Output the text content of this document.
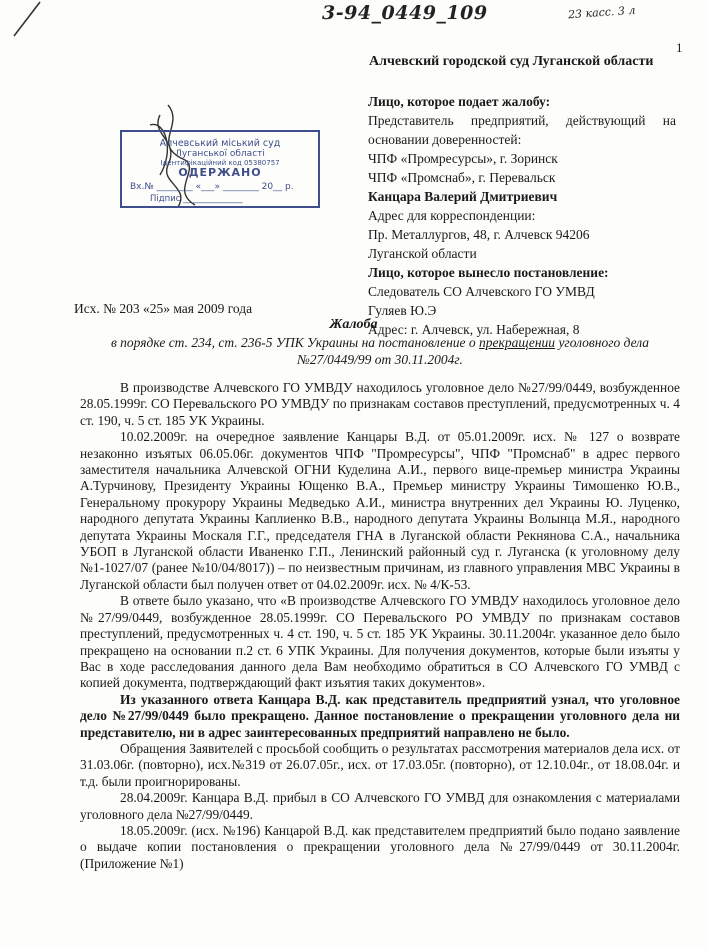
3-94_0449_109	23 касс. 3 л
1
Алчевский городской суд Луганской области
Лицо, которое подает жалобу:
Представитель предприятий, действующий на
основании доверенностей:
ЧПФ «Промресурсы», г. Зоринск
ЧПФ «Промснаб», г. Перевальск
Канцара Валерий Дмитриевич
Адрес для корреспонденции:
Пр. Металлургов, 48, г. Алчевск 94206
Луганской области
Лицо, которое вынесло постановление:
Следователь СО Алчевского ГО УМВД
Гуляев Ю.Э
Адрес: г. Алчевск, ул. Набережная, 8
Алчевський міський суд
Луганської області
Ідентифікаційний код 05380757
ОДЕРЖАНО
Вх.№ ________ «___» ________ 20__ р.
Підпис ______________
Исх. № 203 «25» мая 2009 года
Жалоба
в порядке ст. 234, ст. 236-5 УПК Украины на постановление о прекращении уголовного дела №27/0449/99 от 30.11.2004г.

В производстве Алчевского ГО УМВДУ находилось уголовное дело №27/99/0449, возбужденное 28.05.1999г. СО Перевальского РО УМВДУ по признакам составов преступлений, предусмотренных ч. 4 ст. 190, ч. 5 ст. 185 УК Украины.

10.02.2009г. на очередное заявление Канцары В.Д. от 05.01.2009г. исх. № 127 о возврате незаконно изъятых 06.05.06г. документов ЧПФ "Промресурсы", ЧПФ "Промснаб" в адрес первого заместителя начальника Алчевской ОГНИ Куделина А.И., первого вице-премьер министра Украины А.Турчинову, Президенту Украины Ющенко В.А., Премьер министру Украины Тимошенко Ю.В., Генеральному прокурору Украины Медведько А.И., министра внутренних дел Украины Ю. Луценко, народного депутата Украины Каплиенко В.В., народного депутата Украины Волынца М.Я., народного депутата Украины Москаля Г.Г., председателя ГНА в Луганской области Рекнянова С.А., начальника УБОП в Луганской области Иваненко Г.П., Ленинский районный суд г. Луганска (к уголовному делу №1-1027/07 (ранее №10/04/8017)) – по неизвестным причинам, из главного управления МВС Украины в Луганской области был получен ответ от 04.02.2009г. исх. № 4/К-53.

В ответе было указано, что «В производстве Алчевского ГО УМВДУ находилось уголовное дело №27/99/0449, возбужденное 28.05.1999г. СО Перевальского РО УМВДУ по признакам составов преступлений, предусмотренных ч. 4 ст. 190, ч. 5 ст. 185 УК Украины. 30.11.2004г. указанное дело было прекращено на основании п.2 ст. 6 УПК Украины. Для получения документов, которые были изъяты у Вас в ходе расследования данного дела Вам необходимо обратиться в СО Алчевского ГО УМВД с копией документа, подтверждающий факт изъятия таких документов».

Из указанного ответа Канцара В.Д. как представитель предприятий узнал, что уголовное дело №27/99/0449 было прекращено. Данное постановление о прекращении уголовного дела ни представителю, ни в адрес заинтересованных предприятий направлено не было.

Обращения Заявителей с просьбой сообщить о результатах рассмотрения материалов дела исх. от 31.03.06г. (повторно), исх.№319 от 26.07.05г., исх. от 17.03.05г. (повторно), от 12.10.04г., от 18.08.04г. и т.д. были проигнорированы.

28.04.2009г. Канцара В.Д. прибыл в СО Алчевского ГО УМВД для ознакомления с материалами уголовного дела №27/99/0449.

18.05.2009г. (исх. №196) Канцарой В.Д. как представителем предприятий было подано заявление о выдаче копии постановления о прекращении уголовного дела №27/99/0449 от 30.11.2004г. (Приложение №1)
